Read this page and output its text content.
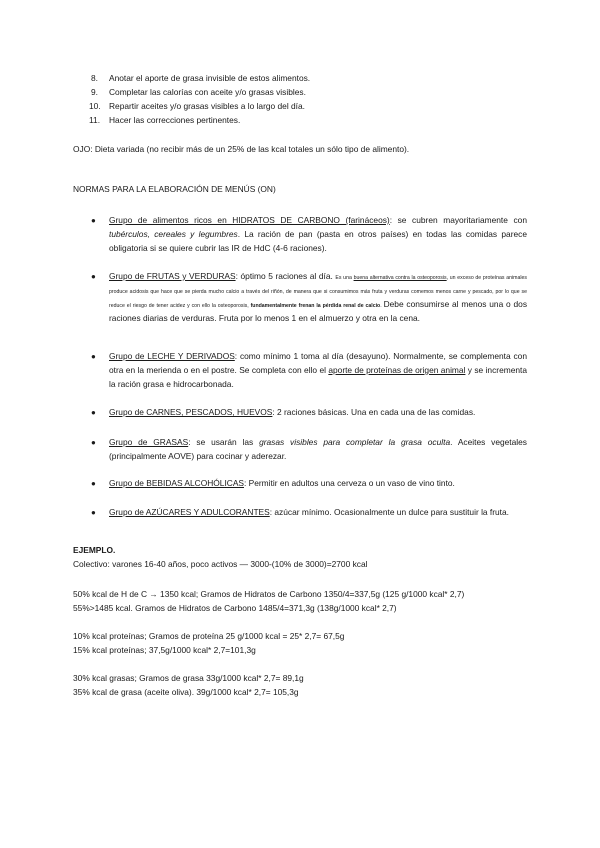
8. Anotar el aporte de grasa invisible de estos alimentos.
9. Completar las calorías con aceite y/o grasas visibles.
10. Repartir aceites y/o grasas visibles a lo largo del día.
11. Hacer las correcciones pertinentes.
OJO: Dieta variada (no recibir más de un 25% de las kcal totales un sólo tipo de alimento).
NORMAS PARA LA ELABORACIÓN DE MENÚS (ON)
● Grupo de alimentos ricos en HIDRATOS DE CARBONO (farináceos): se cubren mayoritariamente con tubérculos, cereales y legumbres. La ración de pan (pasta en otros países) en todas las comidas parece obligatoria si se quiere cubrir las IR de HdC (4-6 raciones).
● Grupo de FRUTAS y VERDURAS: óptimo 5 raciones al día. Es una buena alternativa contra la osteoporosis, un exceso de proteínas animales produce acidosis que hace que se pierda mucho calcio a través del riñón, de manera que si consumimos más fruta y verduras comemos menos carne y pescado, por lo que se reduce el riesgo de tener acidez y con ello la osteoporosis, fundamentalmente frenan la pérdida renal de calcio. Debe consumirse al menos una o dos raciones diarias de verduras. Fruta por lo menos 1 en el almuerzo y otra en la cena.
● Grupo de LECHE Y DERIVADOS: como mínimo 1 toma al día (desayuno). Normalmente, se complementa con otra en la merienda o en el postre. Se completa con ello el aporte de proteínas de origen animal y se incrementa la ración grasa e hidrocarbonada.
● Grupo de CARNES, PESCADOS, HUEVOS: 2 raciones básicas. Una en cada una de las comidas.
● Grupo de GRASAS: se usarán las grasas visibles para completar la grasa oculta. Aceites vegetales (principalmente AOVE) para cocinar y aderezar.
● Grupo de BEBIDAS ALCOHÓLICAS: Permitir en adultos una cerveza o un vaso de vino tinto.
● Grupo de AZÚCARES Y ADULCORANTES: azúcar mínimo. Ocasionalmente un dulce para sustituir la fruta.
EJEMPLO.
Colectivo: varones 16-40 años, poco activos — 3000-(10% de 3000)=2700 kcal
50% kcal de H de C → 1350 kcal; Gramos de Hidratos de Carbono 1350/4=337,5g (125 g/1000 kcal* 2,7)
55%>1485 kcal. Gramos de Hidratos de Carbono 1485/4=371,3g (138g/1000 kcal* 2,7)
10% kcal proteínas; Gramos de proteína 25 g/1000 kcal = 25* 2,7= 67,5g
15% kcal proteínas; 37,5g/1000 kcal* 2,7=101,3g
30% kcal grasas; Gramos de grasa 33g/1000 kcal* 2,7= 89,1g
35% kcal de grasa (aceite oliva). 39g/1000 kcal* 2,7= 105,3g
